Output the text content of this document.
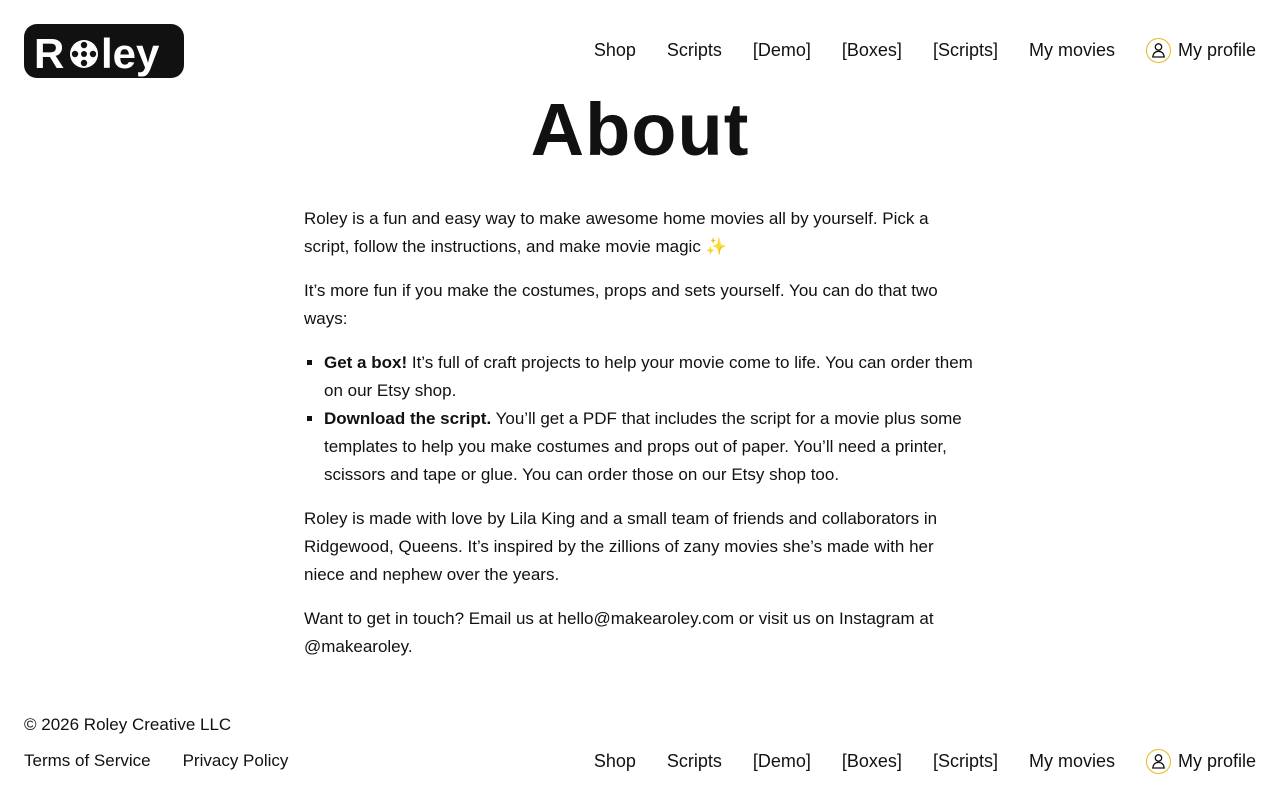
R ley	Shop Scripts [Demo] [Boxes] [Scripts] My movies	My profile
About

Roley is a fun and easy way to make awesome home movies all by yourself. Pick a script, follow the instructions, and make movie magic ✨

It’s more fun if you make the costumes, props and sets yourself. You can do that two ways:

▪ Get a box! It’s full of craft projects to help your movie come to life. You can order them on our Etsy shop.
▪ Download the script. You’ll get a PDF that includes the script for a movie plus some templates to help you make costumes and props out of paper. You’ll need a printer, scissors and tape or glue. You can order those on our Etsy shop too.

Roley is made with love by Lila King and a small team of friends and collaborators in Ridgewood, Queens. It’s inspired by the zillions of zany movies she’s made with her niece and nephew over the years.

Want to get in touch? Email us at hello@makearoley.com or visit us on Instagram at @makearoley.

© 2026 Roley Creative LLC
Terms of Service Privacy Policy	Shop Scripts [Demo] [Boxes] [Scripts] My movies	My profile
